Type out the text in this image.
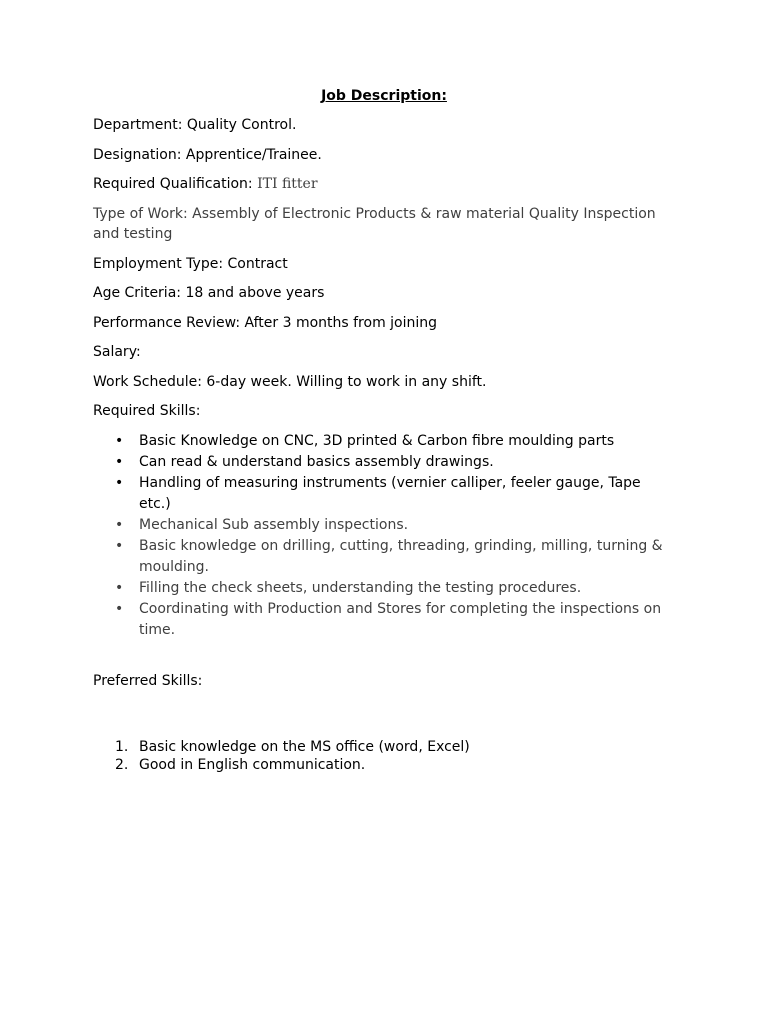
Job Description:

Department: Quality Control.

Designation: Apprentice/Trainee.

Required Qualification: ITI fitter

Type of Work: Assembly of Electronic Products & raw material Quality Inspection and testing

Employment Type: Contract

Age Criteria: 18 and above years

Performance Review: After 3 months from joining

Salary:

Work Schedule: 6-day week. Willing to work in any shift.

Required Skills:

• Basic Knowledge on CNC, 3D printed & Carbon fibre moulding parts
• Can read & understand basics assembly drawings.
• Handling of measuring instruments (vernier calliper, feeler gauge, Tape etc.)
• Mechanical Sub assembly inspections.
• Basic knowledge on drilling, cutting, threading, grinding, milling, turning & moulding.
• Filling the check sheets, understanding the testing procedures.
• Coordinating with Production and Stores for completing the inspections on time.

Preferred Skills:

1. Basic knowledge on the MS office (word, Excel)
2. Good in English communication.
